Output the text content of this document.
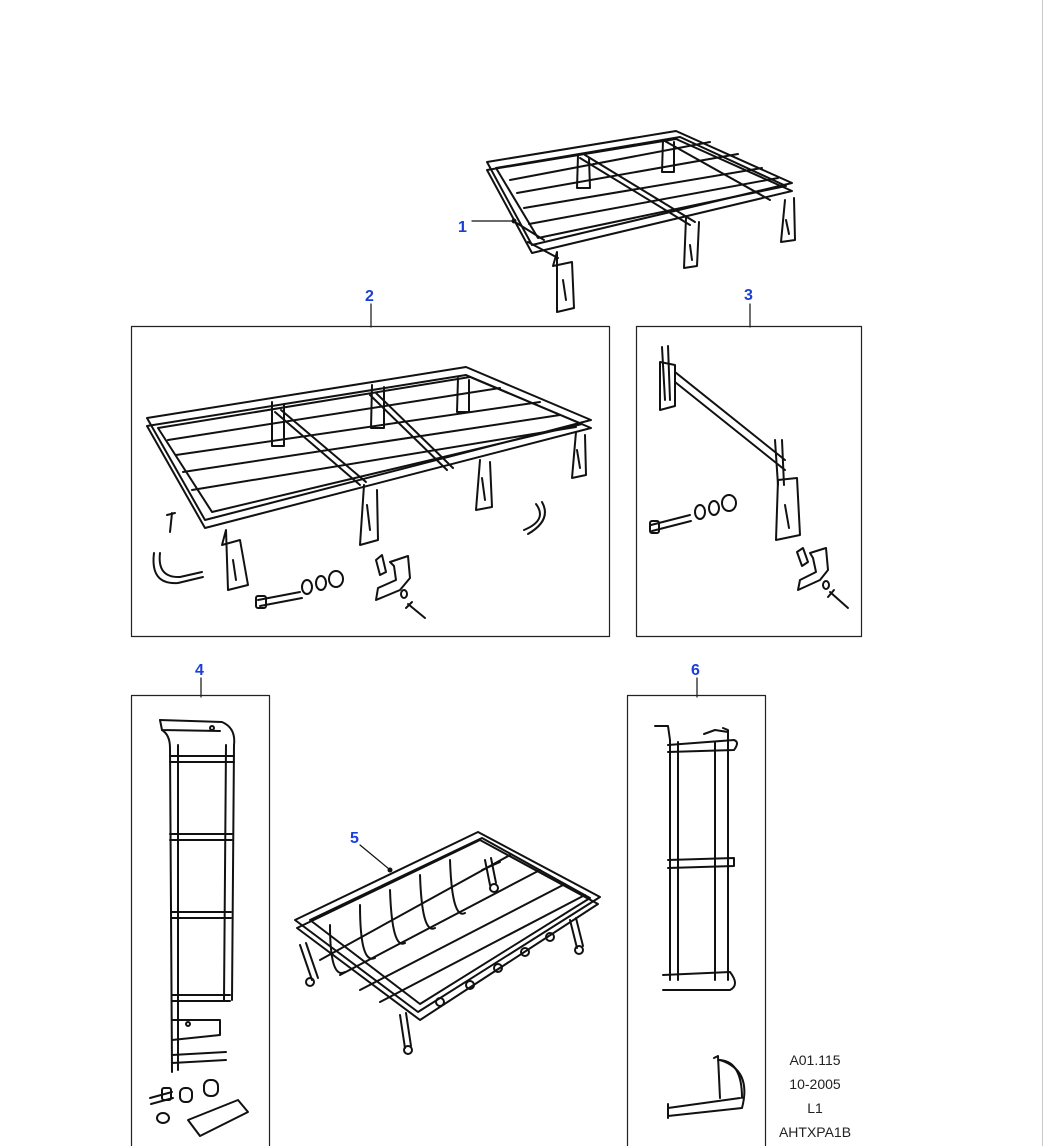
1
2	3
4
5
6
A01.115
10-2005
L1
AHTXPA1B
